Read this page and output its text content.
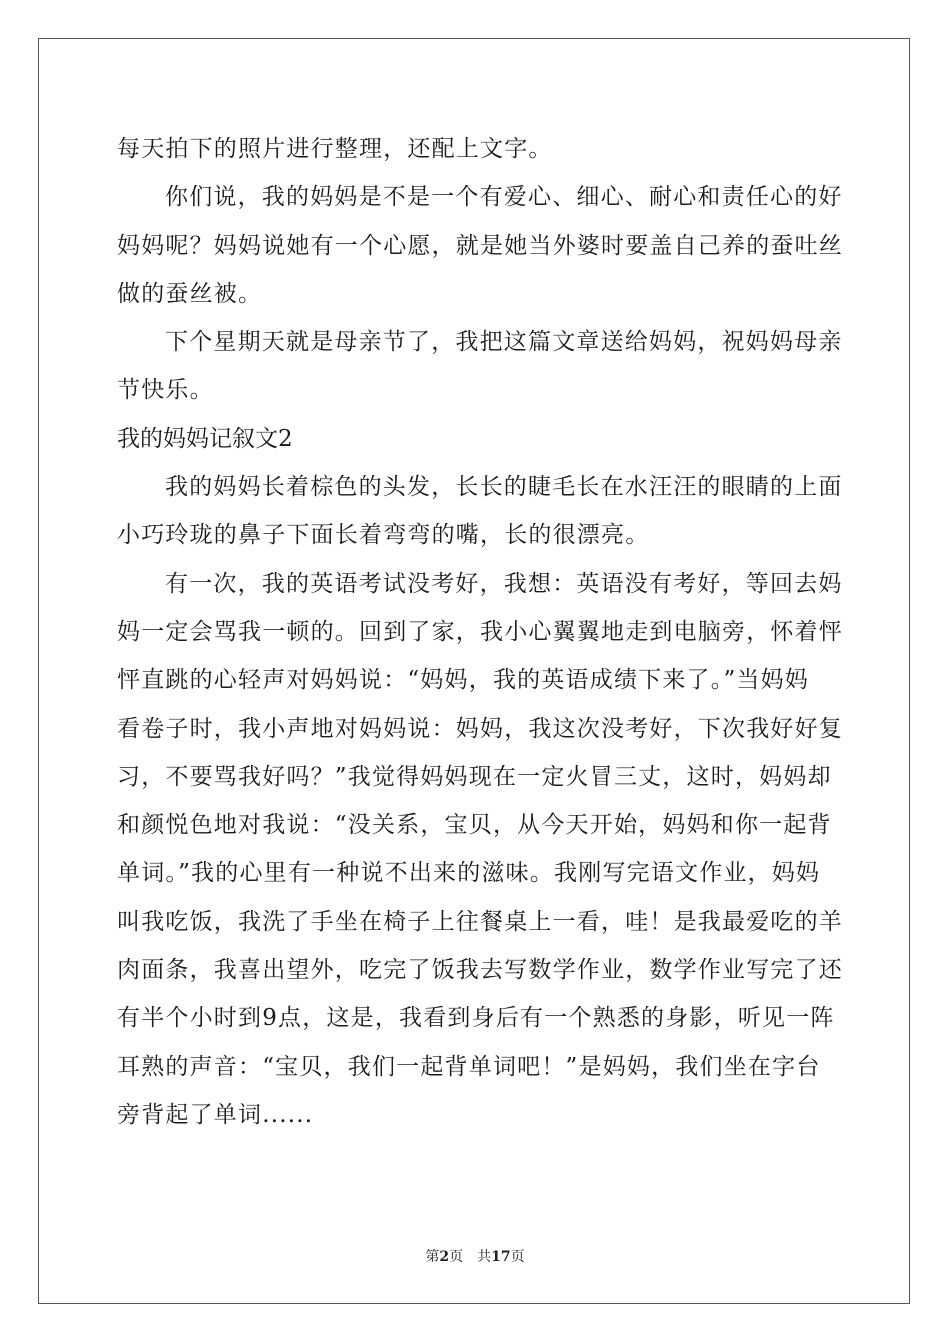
每天拍下的照片进行整理，还配上文字。
你们说，我的妈妈是不是一个有爱心、细心、耐心和责任心的好
妈妈呢？妈妈说她有一个心愿，就是她当外婆时要盖自己养的蚕吐丝
做的蚕丝被。
下个星期天就是母亲节了，我把这篇文章送给妈妈，祝妈妈母亲
节快乐。
我的妈妈记叙文2
我的妈妈长着棕色的头发，长长的睫毛长在水汪汪的眼睛的上面
小巧玲珑的鼻子下面长着弯弯的嘴，长的很漂亮。
有一次，我的英语考试没考好，我想：英语没有考好，等回去妈
妈一定会骂我一顿的。回到了家，我小心翼翼地走到电脑旁，怀着怦
怦直跳的心轻声对妈妈说：“妈妈，我的英语成绩下来了。”当妈妈
看卷子时，我小声地对妈妈说：妈妈，我这次没考好，下次我好好复
习，不要骂我好吗？”我觉得妈妈现在一定火冒三丈，这时，妈妈却
和颜悦色地对我说：“没关系，宝贝，从今天开始，妈妈和你一起背
单词。”我的心里有一种说不出来的滋味。我刚写完语文作业，妈妈
叫我吃饭，我洗了手坐在椅子上往餐桌上一看，哇！是我最爱吃的羊
肉面条，我喜出望外，吃完了饭我去写数学作业，数学作业写完了还
有半个小时到9点，这是，我看到身后有一个熟悉的身影，听见一阵
耳熟的声音：“宝贝，我们一起背单词吧！”是妈妈，我们坐在字台
旁背起了单词......
第2页 共17页
